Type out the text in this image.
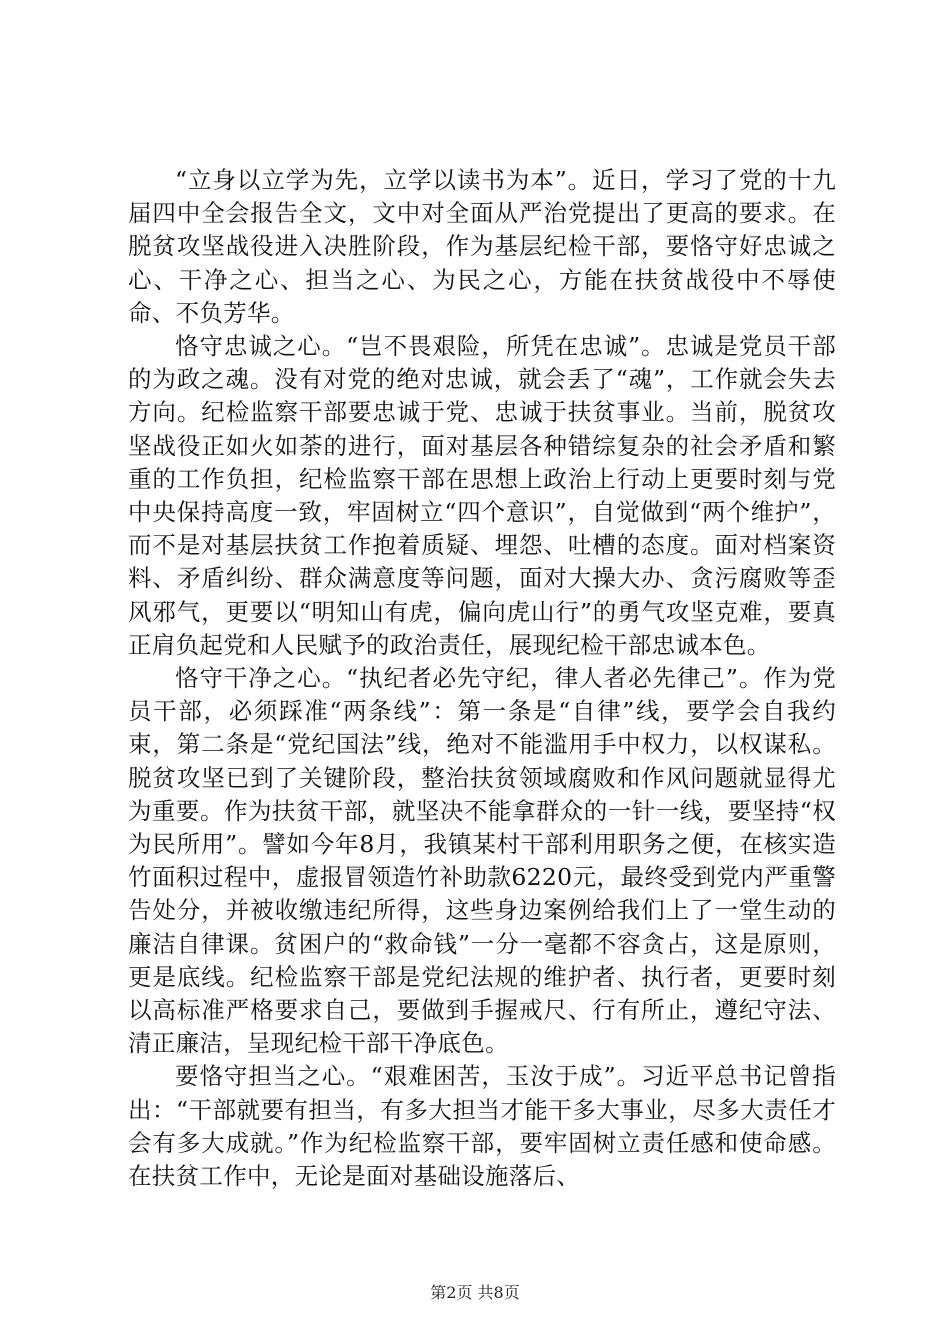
“立身以立学为先，立学以读书为本”。近日，学习了党的十九届四中全会报告全文，文中对全面从严治党提出了更高的要求。在脱贫攻坚战役进入决胜阶段，作为基层纪检干部，要恪守好忠诚之心、干净之心、担当之心、为民之心，方能在扶贫战役中不辱使命、不负芳华。

恪守忠诚之心。“岂不畏艰险，所凭在忠诚”。忠诚是党员干部的为政之魂。没有对党的绝对忠诚，就会丢了“魂”，工作就会失去方向。纪检监察干部要忠诚于党、忠诚于扶贫事业。当前，脱贫攻坚战役正如火如荼的进行，面对基层各种错综复杂的社会矛盾和繁重的工作负担，纪检监察干部在思想上政治上行动上更要时刻与党中央保持高度一致，牢固树立“四个意识”，自觉做到“两个维护”，而不是对基层扶贫工作抱着质疑、埋怨、吐槽的态度。面对档案资料、矛盾纠纷、群众满意度等问题，面对大操大办、贪污腐败等歪风邪气，更要以“明知山有虎，偏向虎山行”的勇气攻坚克难，要真正肩负起党和人民赋予的政治责任，展现纪检干部忠诚本色。

恪守干净之心。“执纪者必先守纪，律人者必先律己”。作为党员干部，必须踩准“两条线”：第一条是“自律”线，要学会自我约束，第二条是“党纪国法”线，绝对不能滥用手中权力，以权谋私。脱贫攻坚已到了关键阶段，整治扶贫领域腐败和作风问题就显得尤为重要。作为扶贫干部，就坚决不能拿群众的一针一线，要坚持“权为民所用”。譬如今年8月，我镇某村干部利用职务之便，在核实造竹面积过程中，虚报冒领造竹补助款6220元，最终受到党内严重警告处分，并被收缴违纪所得，这些身边案例给我们上了一堂生动的廉洁自律课。贫困户的“救命钱”一分一毫都不容贪占，这是原则，更是底线。纪检监察干部是党纪法规的维护者、执行者，更要时刻以高标准严格要求自己，要做到手握戒尺、行有所止，遵纪守法、清正廉洁，呈现纪检干部干净底色。

要恪守担当之心。“艰难困苦，玉汝于成”。习近平总书记曾指出：“干部就要有担当，有多大担当才能干多大事业，尽多大责任才会有多大成就。”作为纪检监察干部，要牢固树立责任感和使命感。在扶贫工作中，无论是面对基础设施落后、

第2页 共8页
